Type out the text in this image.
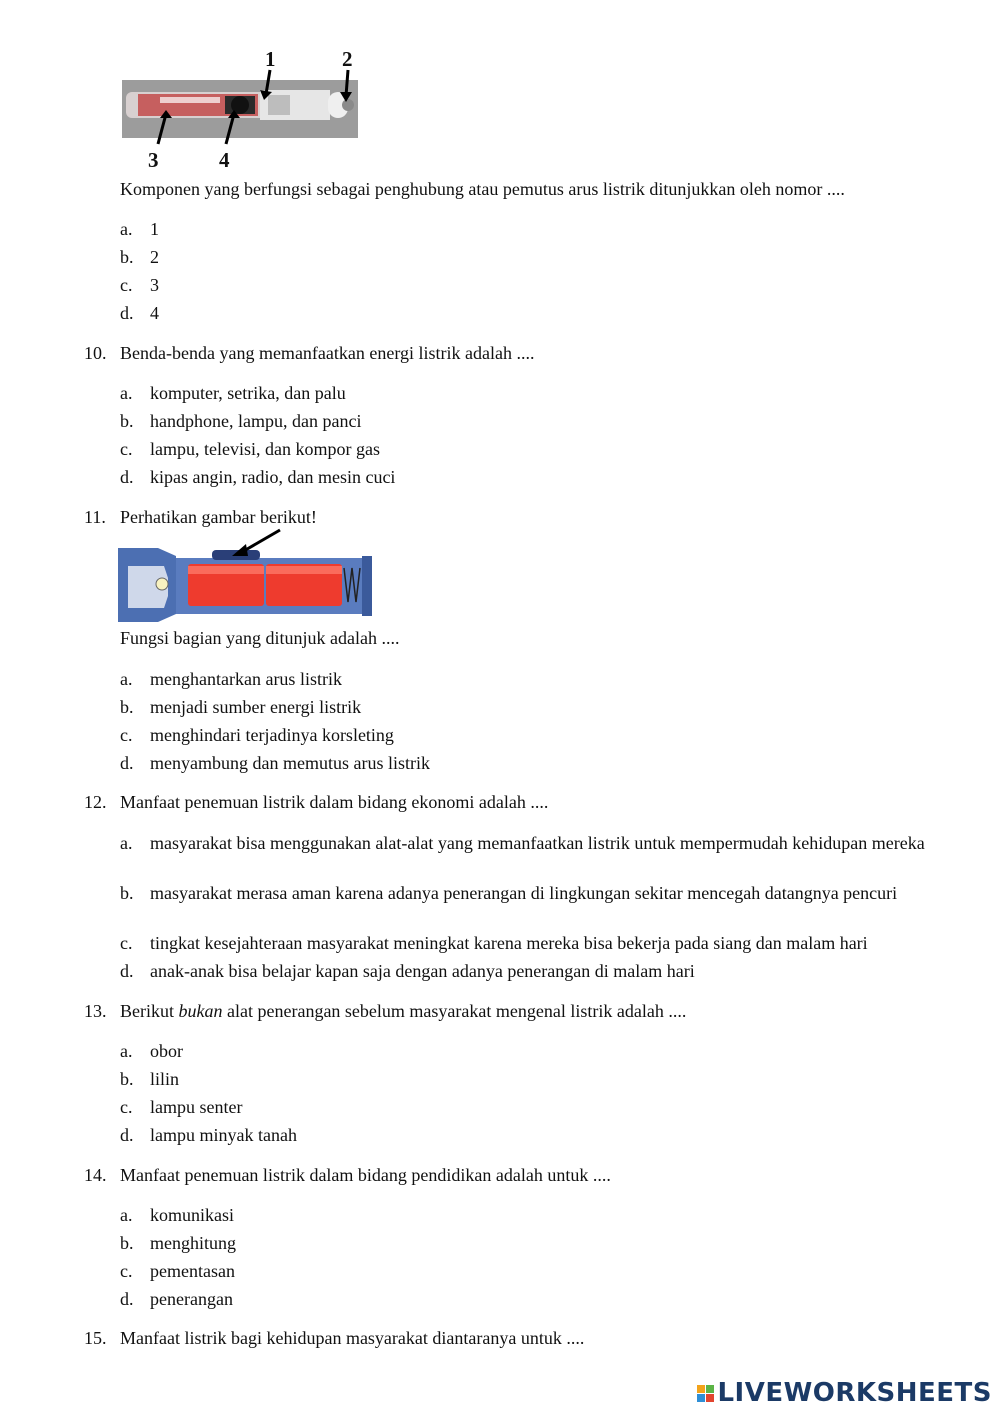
1	2
3	4
Komponen yang berfungsi sebagai penghubung atau pemutus arus listrik ditunjukkan oleh nomor ....
a. 1
b. 2
c. 3
d. 4
10. Benda-benda yang memanfaatkan energi listrik adalah ....
a. komputer, setrika, dan palu
b. handphone, lampu, dan panci
c. lampu, televisi, dan kompor gas
d. kipas angin, radio, dan mesin cuci
11. Perhatikan gambar berikut!
Fungsi bagian yang ditunjuk adalah ....
a. menghantarkan arus listrik
b. menjadi sumber energi listrik
c. menghindari terjadinya korsleting
d. menyambung dan memutus arus listrik
12. Manfaat penemuan listrik dalam bidang ekonomi adalah ....
a. masyarakat bisa menggunakan alat-alat yang memanfaatkan listrik untuk mempermudah kehidupan mereka
b. masyarakat merasa aman karena adanya penerangan di lingkungan sekitar mencegah datangnya pencuri
c. tingkat kesejahteraan masyarakat meningkat karena mereka bisa bekerja pada siang dan malam hari
d. anak-anak bisa belajar kapan saja dengan adanya penerangan di malam hari
13. Berikut bukan alat penerangan sebelum masyarakat mengenal listrik adalah ....
a. obor
b. lilin
c. lampu senter
d. lampu minyak tanah
14. Manfaat penemuan listrik dalam bidang pendidikan adalah untuk ....
a. komunikasi
b. menghitung
c. pementasan
d. penerangan
15. Manfaat listrik bagi kehidupan masyarakat diantaranya untuk ....
LIVEWORKSHEETS
